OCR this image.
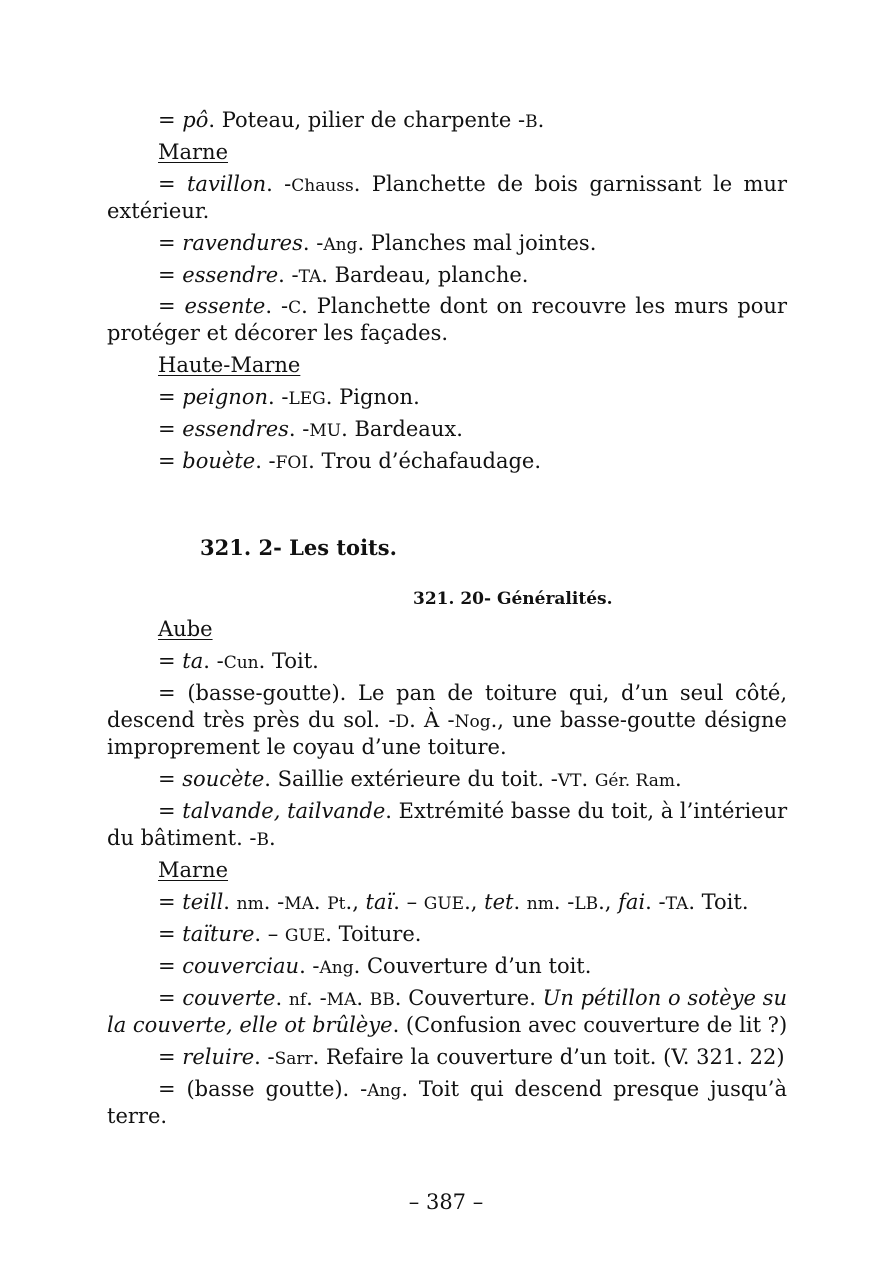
= pô. Poteau, pilier de charpente -B.
Marne
= tavillon. -Chauss. Planchette de bois garnissant le mur
extérieur.
= ravendures. -Ang. Planches mal jointes.
= essendre. -TA. Bardeau, planche.
= essente. -C. Planchette dont on recouvre les murs pour
protéger et décorer les façades.
Haute-Marne
= peignon. -LEG. Pignon.
= essendres. -MU. Bardeaux.
= bouète. -FOI. Trou d’échafaudage.
321. 2- Les toits.
321. 20- Généralités.
Aube
= ta. -Cun. Toit.
= (basse-goutte). Le pan de toiture qui, d’un seul côté,
descend très près du sol. -D. À -Nog., une basse-goutte désigne
improprement le coyau d’une toiture.
= soucète. Saillie extérieure du toit. -VT. Gér. Ram.
= talvande, tailvande. Extrémité basse du toit, à l’intérieur
du bâtiment. -B.
Marne
= teill. nm. -MA. Pt., taï. – GUE., tet. nm. -LB., fai. -TA. Toit.
= taïture. – GUE. Toiture.
= couverciau. -Ang. Couverture d’un toit.
= couverte. nf. -MA. BB. Couverture. Un pétillon o sotèye su
la couverte, elle ot brûlèye. (Confusion avec couverture de lit ?)
= reluire. -Sarr. Refaire la couverture d’un toit. (V. 321. 22)
= (basse goutte). -Ang. Toit qui descend presque jusqu’à
terre.
– 387 –
